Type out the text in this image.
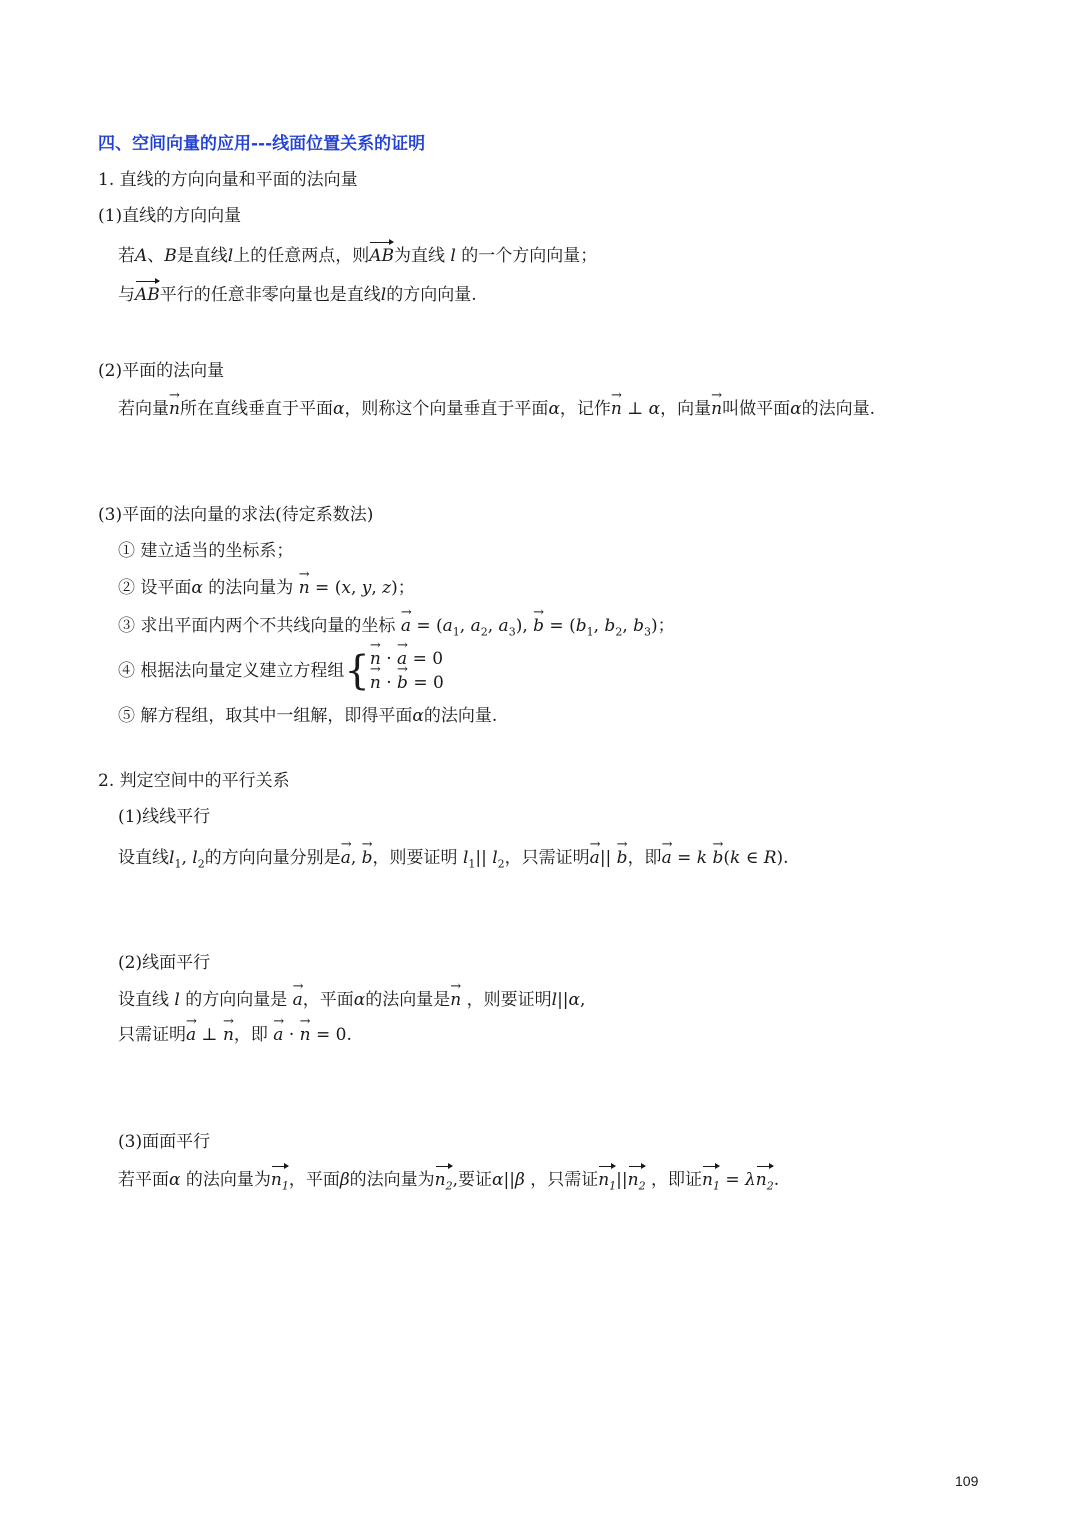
四、空间向量的应用---线面位置关系的证明
1. 直线的方向向量和平面的法向量
(1)直线的方向向量
若A、B是直线l上的任意两点，则AB为直线 l 的一个方向向量；
与AB平行的任意非零向量也是直线l的方向向量.
(2)平面的法向量
若向量n →所在直线垂直于平面α，则称这个向量垂直于平面α，记作n → ⊥ α，向量n →叫做平面α的法向量.
(3)平面的法向量的求法(待定系数法)
① 建立适当的坐标系；
② 设平面α 的法向量为 n → = (x, y, z)；
③ 求出平面内两个不共线向量的坐标 a → = ($a_1$, $a_2$, $a_3$), b → = ($b_1$, $b_2$, $b_3$)；
④ 根据法向量定义建立方程组{n → · a → = 0
n → · b → = 0
⑤ 解方程组，取其中一组解，即得平面α的法向量.
2. 判定空间中的平行关系
(1)线线平行
设直线$l_1$, $l_2$的方向向量分别是a →, b →，则要证明 $l_1||$ $l_2$，只需证明a →|| b →，即a → = k b →(k ∈ R).
(2)线面平行
设直线 l 的方向向量是 a →，平面α的法向量是n → ，则要证明l||α,
只需证明a → ⊥ n →，即 a → · n → = 0.
(3)面面平行
若平面α 的法向量为$n_1$，平面β的法向量为$n_2$,要证α||β ，只需证$n_1||n_2$ ，即证$n_1 = \lambda n_2$.
109
